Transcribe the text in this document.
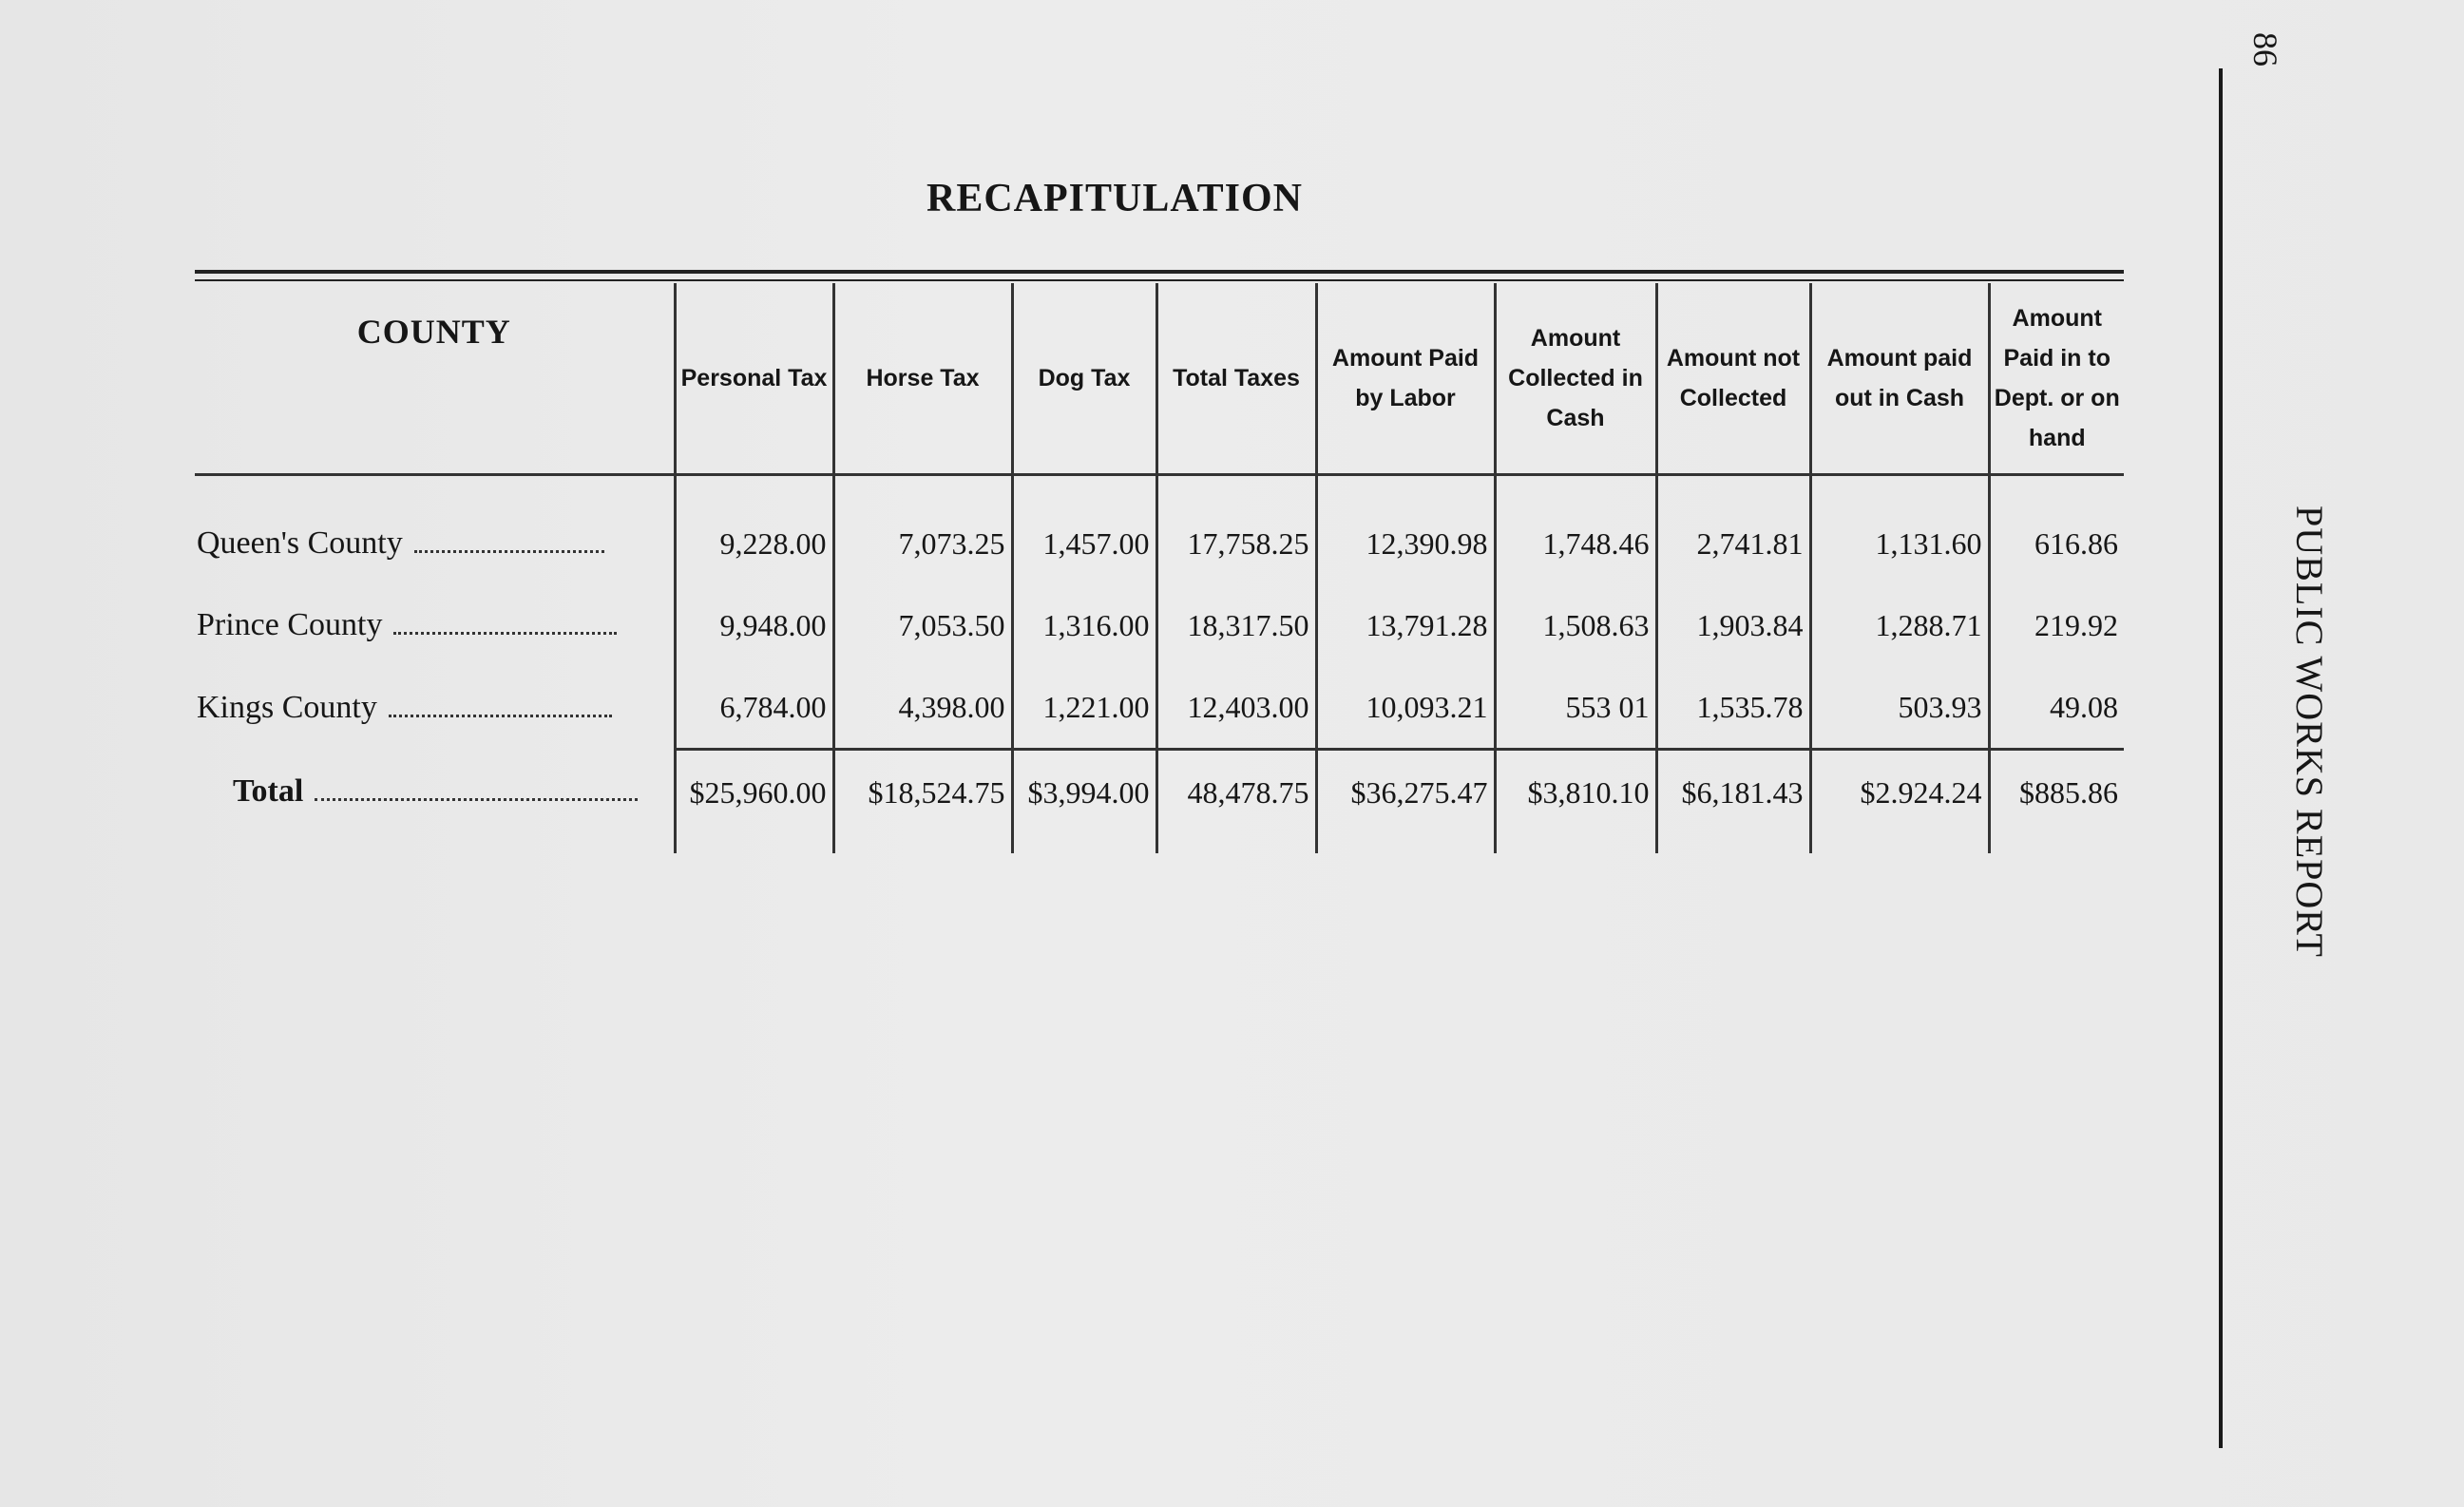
RECAPITULATION
COUNTY	Personal Tax	Horse Tax	Dog Tax	Total Taxes	Amount Paid by Labor	Amount Collected in Cash	Amount not Collected	Amount paid out in Cash	Amount Paid in to Dept. or on hand
Queen's County	9,228.00	7,073.25	1,457.00	17,758.25	12,390.98	1,748.46	2,741.81	1,131.60	616.86
Prince County	9,948.00	7,053.50	1,316.00	18,317.50	13,791.28	1,508.63	1,903.84	1,288.71	219.92
Kings County	6,784.00	4,398.00	1,221.00	12,403.00	10,093.21	553 01	1,535.78	503.93	49.08
Total	$25,960.00	$18,524.75	$3,994.00	48,478.75	$36,275.47	$3,810.10	$6,181.43	$2.924.24	$885.86
86
PUBLIC WORKS REPORT
